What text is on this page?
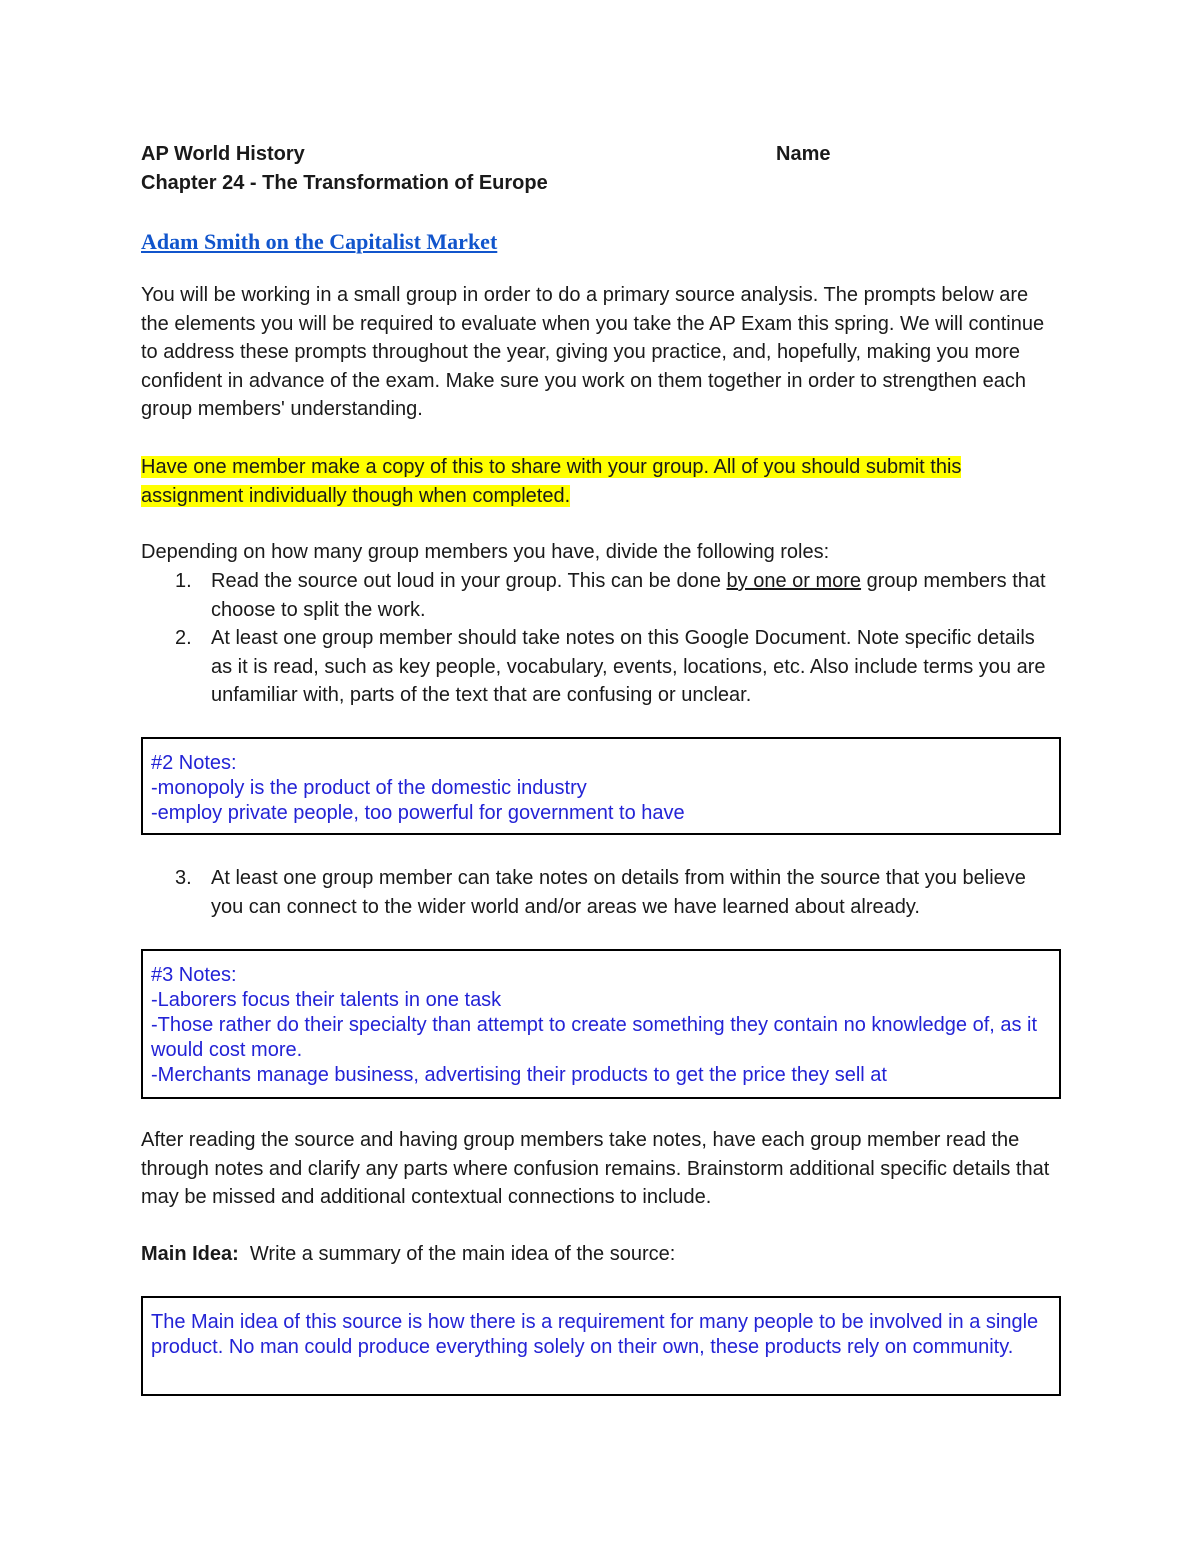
AP World History	Name
Chapter 24 - The Transformation of Europe
Adam Smith on the Capitalist Market
You will be working in a small group in order to do a primary source analysis. The prompts below are the elements you will be required to evaluate when you take the AP Exam this spring. We will continue to address these prompts throughout the year, giving you practice, and, hopefully, making you more confident in advance of the exam. Make sure you work on them together in order to strengthen each group members' understanding.
Have one member make a copy of this to share with your group. All of you should submit this assignment individually though when completed.
Depending on how many group members you have, divide the following roles:
1. Read the source out loud in your group. This can be done by one or more group members that choose to split the work.
2. At least one group member should take notes on this Google Document. Note specific details as it is read, such as key people, vocabulary, events, locations, etc. Also include terms you are unfamiliar with, parts of the text that are confusing or unclear.
#2 Notes:
-monopoly is the product of the domestic industry
-employ private people, too powerful for government to have
3. At least one group member can take notes on details from within the source that you believe you can connect to the wider world and/or areas we have learned about already.
#3 Notes:
-Laborers focus their talents in one task
-Those rather do their specialty than attempt to create something they contain no knowledge of, as it would cost more.
-Merchants manage business, advertising their products to get the price they sell at
After reading the source and having group members take notes, have each group member read the through notes and clarify any parts where confusion remains. Brainstorm additional specific details that may be missed and additional contextual connections to include.
Main Idea:  Write a summary of the main idea of the source:
The Main idea of this source is how there is a requirement for many people to be involved in a single product. No man could produce everything solely on their own, these products rely on community.
